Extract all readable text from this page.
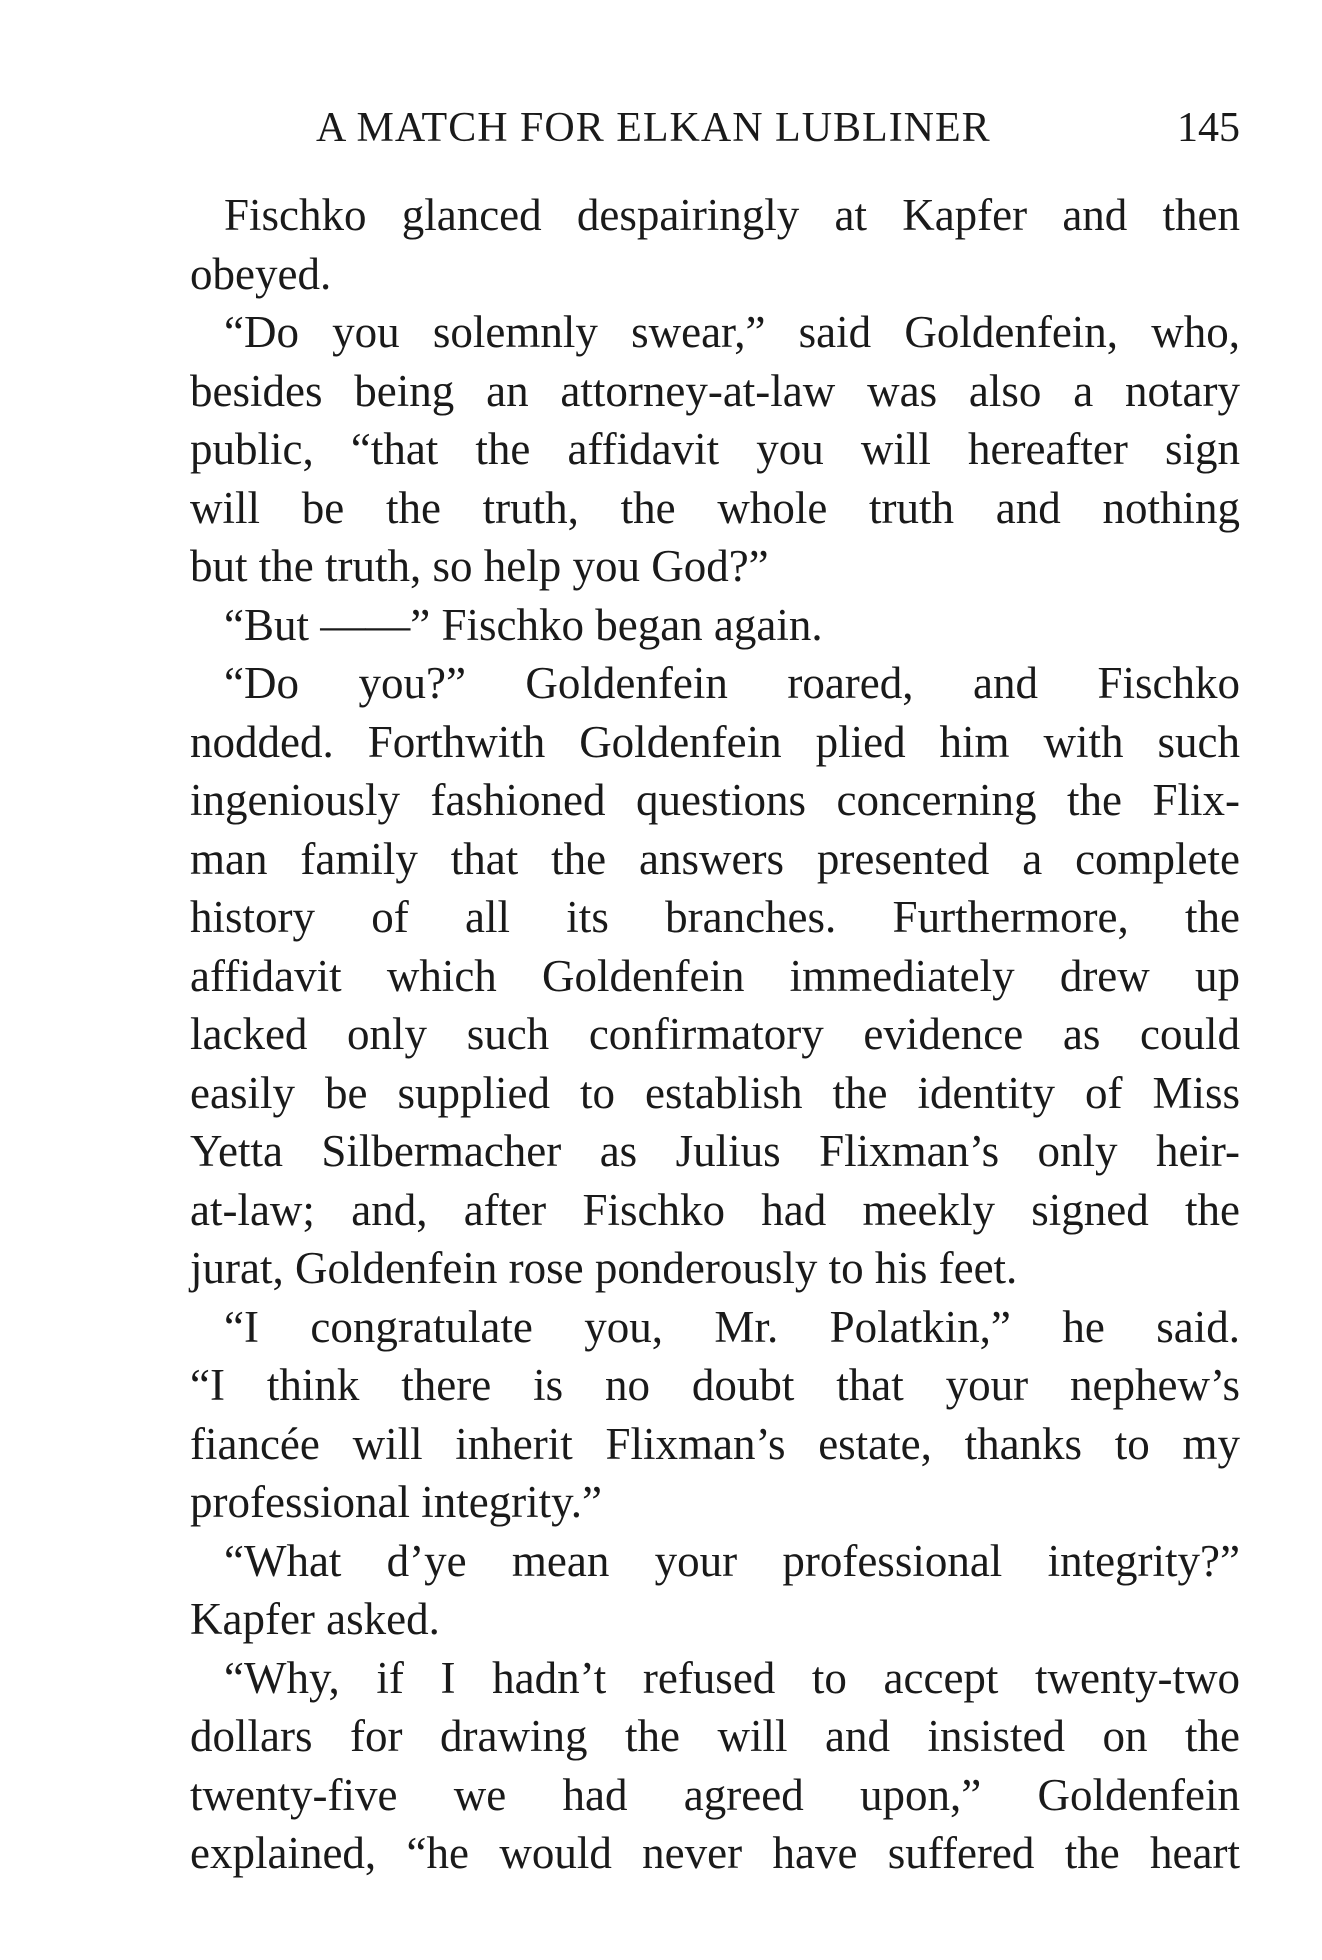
A MATCH FOR ELKAN LUBLINER	145
Fischko glanced despairingly at Kapfer and then
obeyed.
“Do you solemnly swear,” said Goldenfein, who,
besides being an attorney-at-law was also a notary
public, “that the affidavit you will hereafter sign
will be the truth, the whole truth and nothing
but the truth, so help you God?”
“But ——” Fischko began again.
“Do you?” Goldenfein roared, and Fischko
nodded. Forthwith Goldenfein plied him with such
ingeniously fashioned questions concerning the Flix-
man family that the answers presented a complete
history of all its branches. Furthermore, the
affidavit which Goldenfein immediately drew up
lacked only such confirmatory evidence as could
easily be supplied to establish the identity of Miss
Yetta Silbermacher as Julius Flixman’s only heir-
at-law; and, after Fischko had meekly signed the
jurat, Goldenfein rose ponderously to his feet.
“I congratulate you, Mr. Polatkin,” he said.
“I think there is no doubt that your nephew’s
fiancée will inherit Flixman’s estate, thanks to my
professional integrity.”
“What d’ye mean your professional integrity?”
Kapfer asked.
“Why, if I hadn’t refused to accept twenty-two
dollars for drawing the will and insisted on the
twenty-five we had agreed upon,” Goldenfein
explained, “he would never have suffered the heart
